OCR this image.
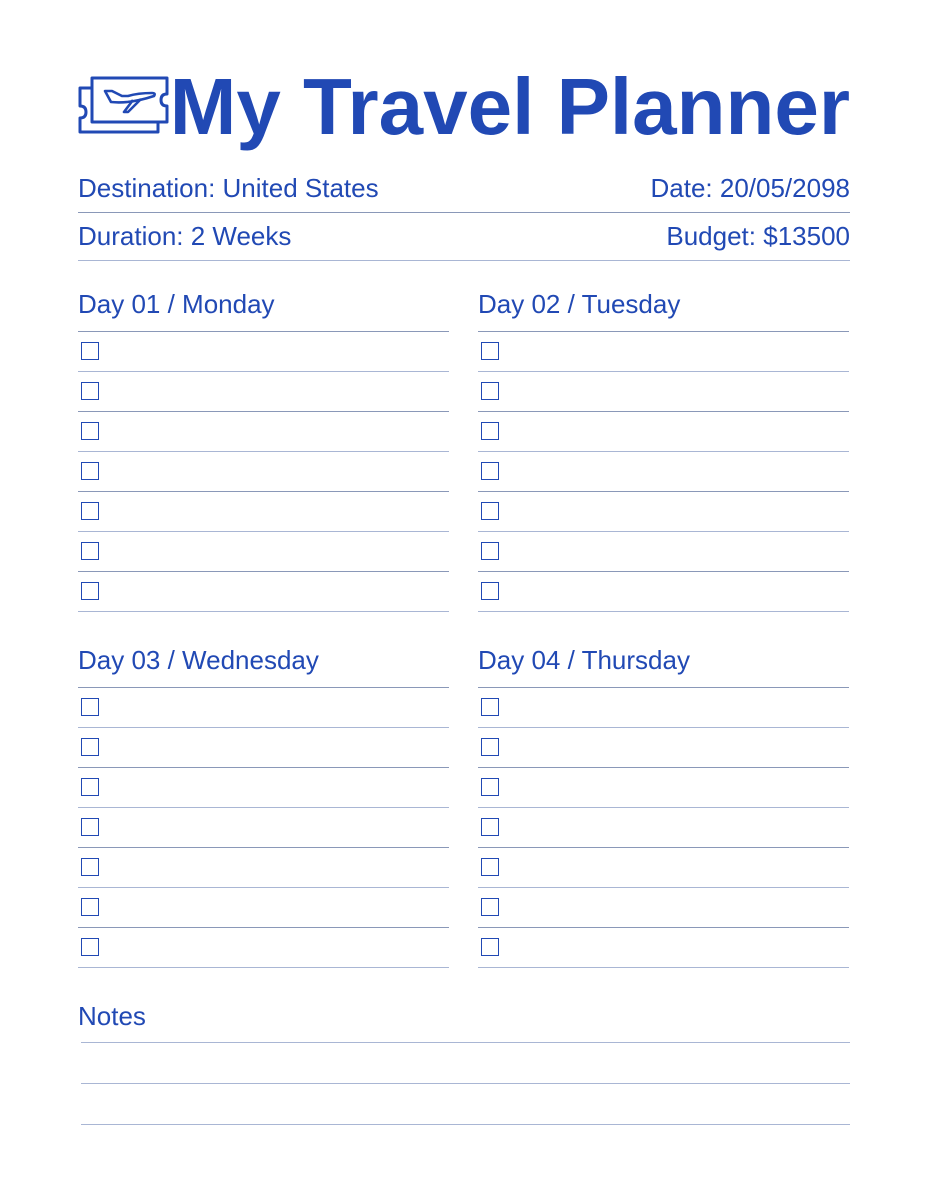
My Travel Planner
Destination: United States	Date: 20/05/2098
Duration: 2 Weeks	Budget: $13500
Day 01 / Monday	Day 02 / Tuesday
Day 03 / Wednesday	Day 04 / Thursday
Notes
